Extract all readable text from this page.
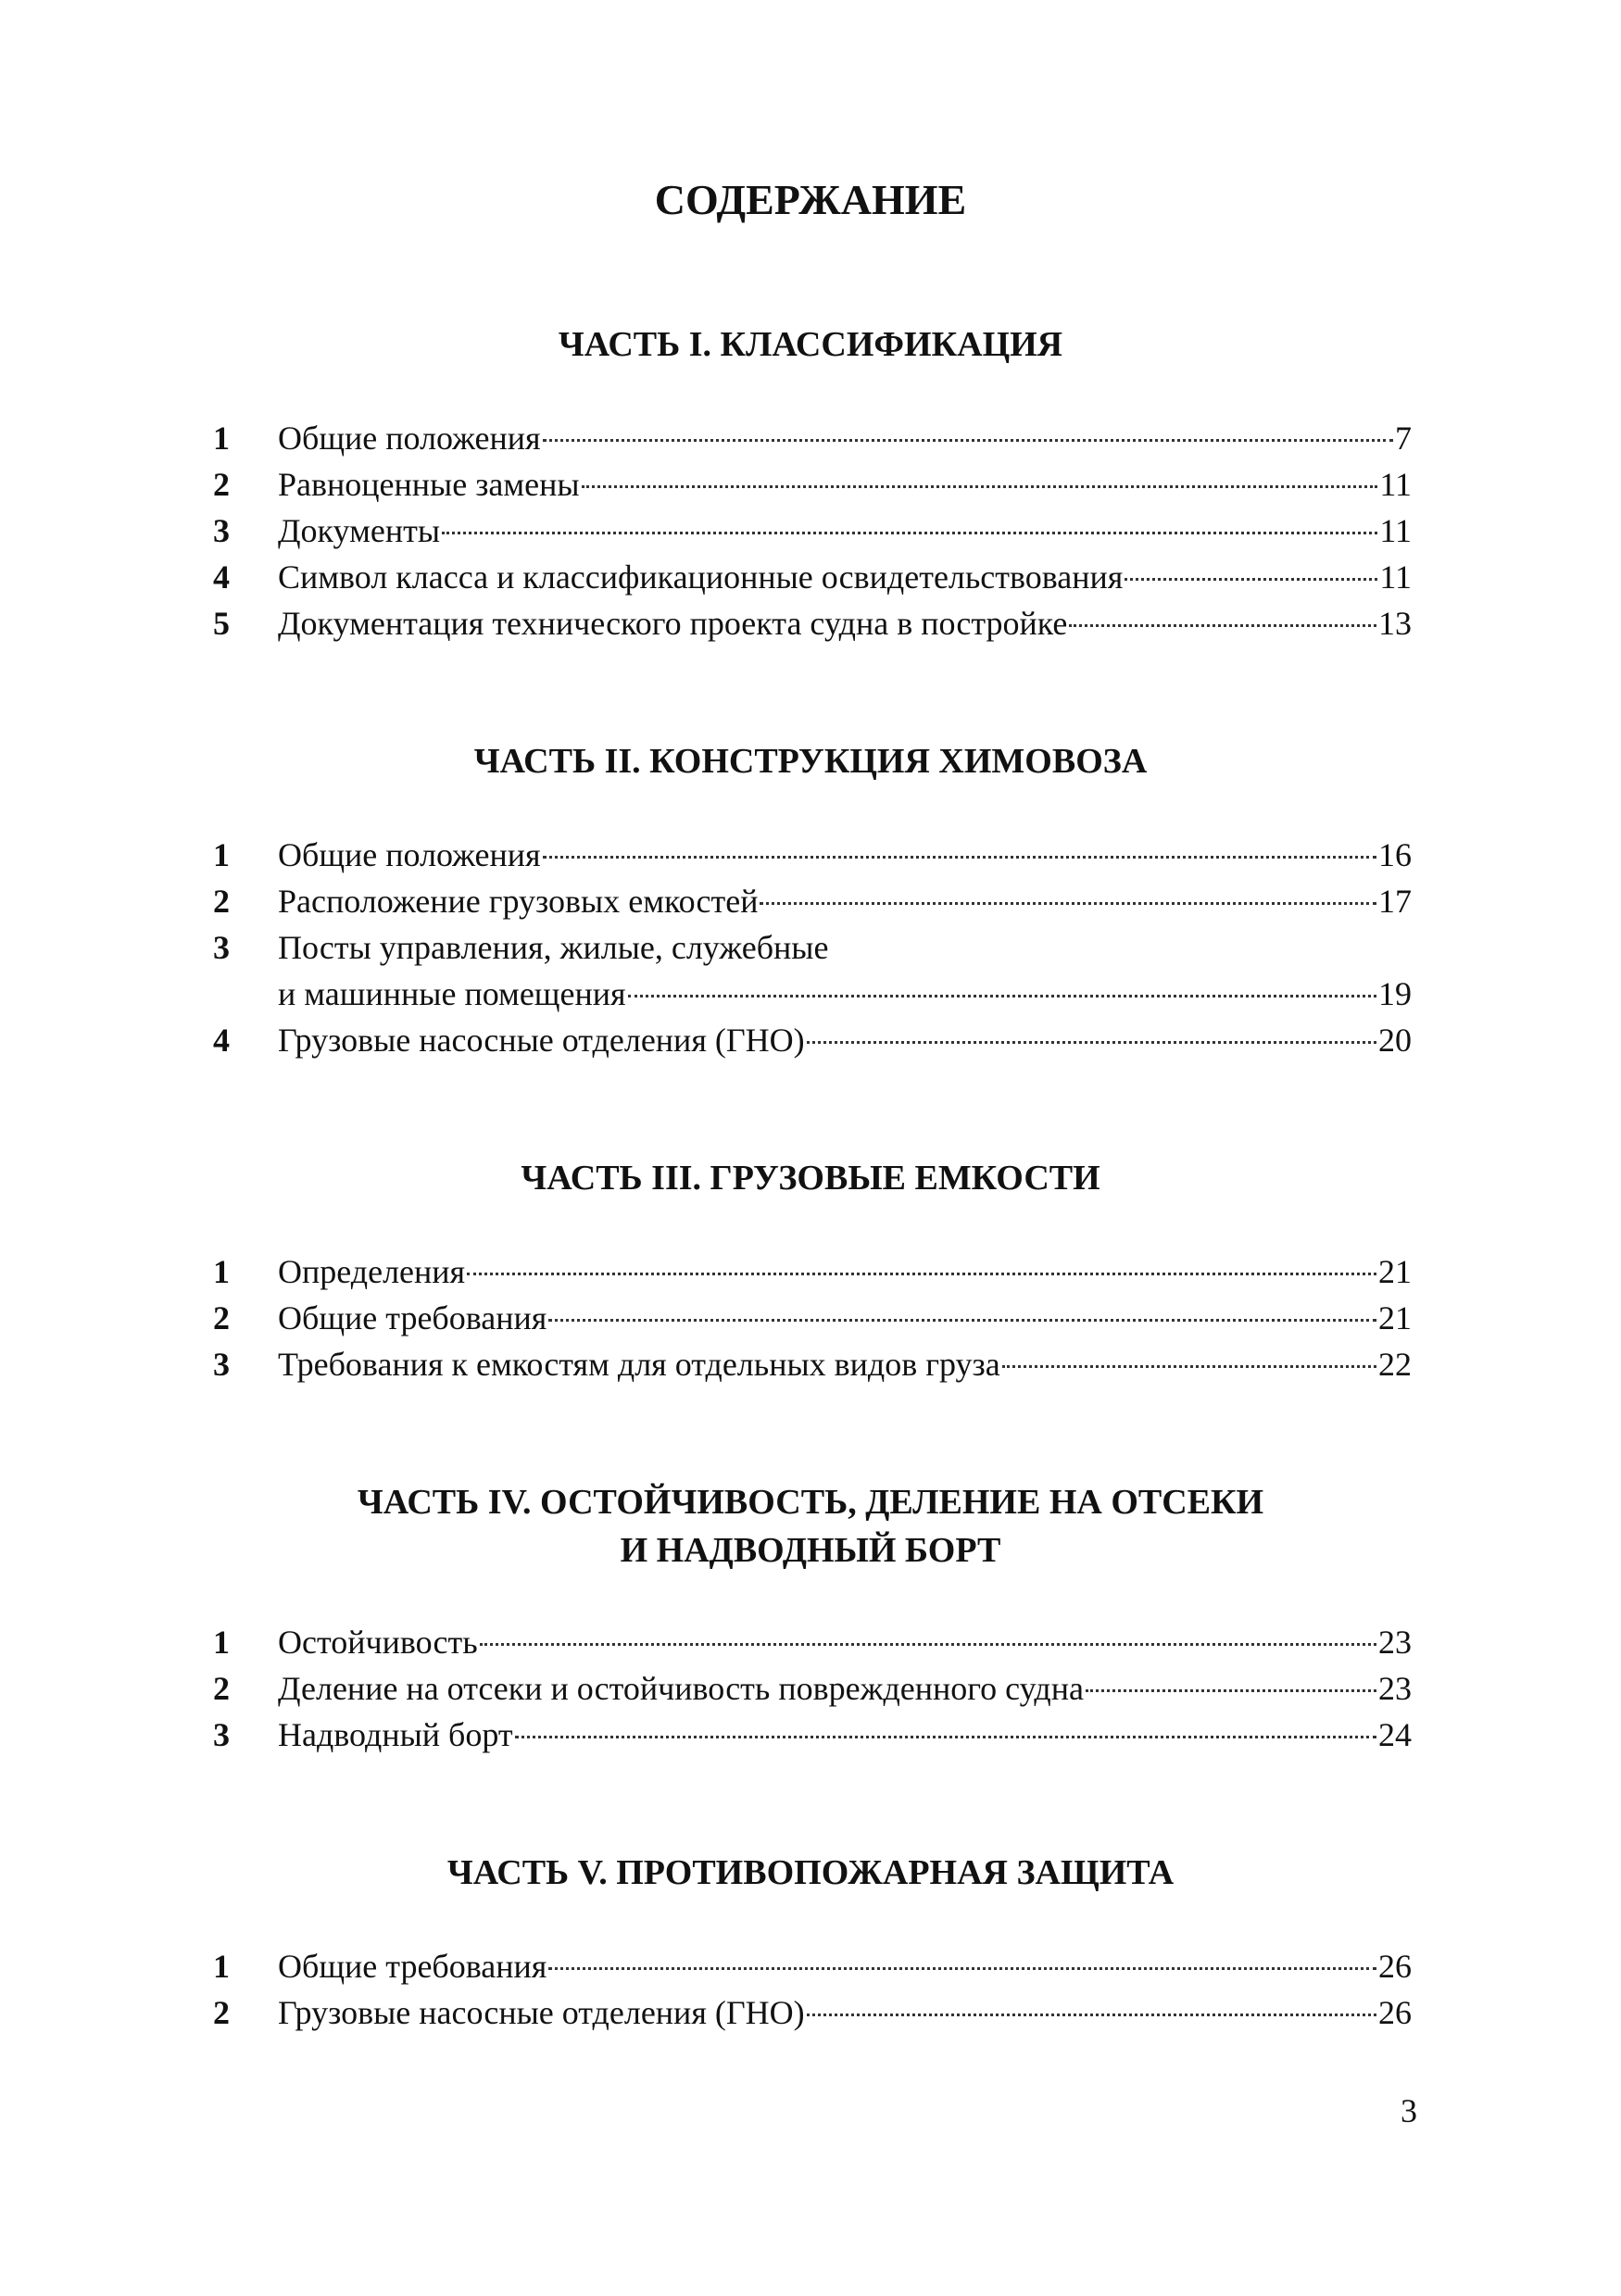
СОДЕРЖАНИЕ
ЧАСТЬ I. КЛАССИФИКАЦИЯ
1	Общие положения	7
2	Равноценные замены	11
3	Документы	11
4	Символ класса и классификационные освидетельствования	11
5	Документация технического проекта судна в постройке	13
ЧАСТЬ II. КОНСТРУКЦИЯ ХИМОВОЗА
1	Общие положения	16
2	Расположение грузовых емкостей	17
3	Посты управления, жилые, служебные
и машинные помещения	19
4	Грузовые насосные отделения (ГНО)	20
ЧАСТЬ III. ГРУЗОВЫЕ ЕМКОСТИ
1	Определения	21
2	Общие требования	21
3	Требования к емкостям для отдельных видов груза	22
ЧАСТЬ IV. ОСТОЙЧИВОСТЬ, ДЕЛЕНИЕ НА ОТСЕКИ
И НАДВОДНЫЙ БОРТ
1	Остойчивость	23
2	Деление на отсеки и остойчивость поврежденного судна	23
3	Надводный борт	24
ЧАСТЬ V. ПРОТИВОПОЖАРНАЯ ЗАЩИТА
1	Общие требования	26
2	Грузовые насосные отделения (ГНО)	26
3
